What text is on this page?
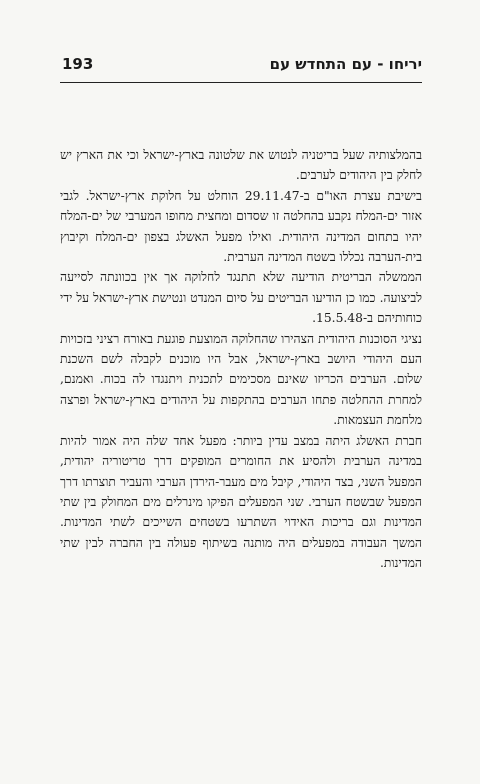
193	יריחו - עם התחדש עם

בהמלצותיה שעל בריטניה לנטוש את שלטונה בארץ-ישראל וכי את הארץ יש לחלק בין היהודים לערבים.

בישיבת עצרת האו"ם ב-29.11.47 הוחלט על חלוקת ארץ-ישראל. לגבי אזור ים-המלח נקבע בהחלטה זו שסדום ומחצית מחופו המערבי של ים-המלח יהיו בתחום המדינה היהודית. ואילו מפעל האשלג בצפון ים-המלח וקיבוץ בית-הערבה נכללו בשטח המדינה הערבית.

הממשלה הבריטית הודיעה שלא תתנגד לחלוקה אך אין בכוונתה לסייעה לביצועה. כמו כן הודיעו הבריטים על סיום המנדט ונטישת ארץ-ישראל על ידי כוחותיהם ב-15.5.48.

נציגי הסוכנות היהודית הצהירו שהחלוקה המוצעת פוגעת באורח רציני בזכויות העם היהודי היושב בארץ-ישראל, אבל היו מוכנים לקבלה לשם השכנת שלום. הערבים הכריזו שאינם מסכימים לתכנית ויתנגדו לה בכוח. ואמנם, למחרת ההחלטה פתחו הערבים בהתקפות על היהודים בארץ-ישראל ופרצה מלחמת העצמאות.

חברת האשלג היתה במצב עדין ביותר: מפעל אחד שלה היה אמור להיות במדינה הערבית ולהסיע את החומרים המופקים דרך טריטוריה יהודית, המפעל השני, בצד היהודי, קיבל מים מעבר-הירדן הערבי והעביר תוצרתו דרך המפעל שבשטח הערבי. שני המפעלים הפיקו מינרלים מים המחולק בין שתי המדינות וגם בריכות האידוי השתרעו בשטחים השייכים לשתי המדינות. המשך העבודה במפעלים היה מותנה בשיתוף פעולה בין החברה לבין שתי המדינות.
